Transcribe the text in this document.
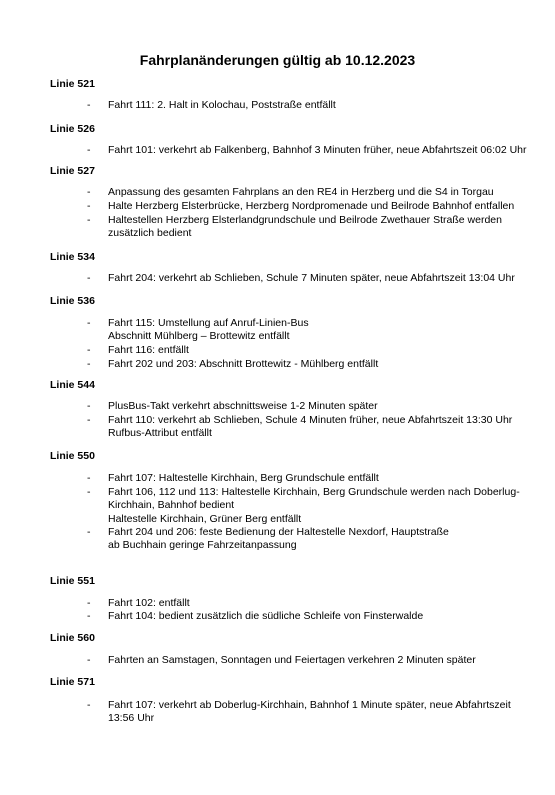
Fahrplanänderungen gültig ab 10.12.2023
Linie 521
- Fahrt 111: 2. Halt in Kolochau, Poststraße entfällt
Linie 526
- Fahrt 101: verkehrt ab Falkenberg, Bahnhof 3 Minuten früher, neue Abfahrtszeit 06:02 Uhr
Linie 527
- Anpassung des gesamten Fahrplans an den RE4 in Herzberg und die S4 in Torgau
- Halte Herzberg Elsterbrücke, Herzberg Nordpromenade und Beilrode Bahnhof entfallen
- Haltestellen Herzberg Elsterlandgrundschule und Beilrode Zwethauer Straße werden
zusätzlich bedient
Linie 534
- Fahrt 204: verkehrt ab Schlieben, Schule 7 Minuten später, neue Abfahrtszeit 13:04 Uhr
Linie 536
- Fahrt 115: Umstellung auf Anruf-Linien-Bus
Abschnitt Mühlberg – Brottewitz entfällt
- Fahrt 116: entfällt
- Fahrt 202 und 203: Abschnitt Brottewitz - Mühlberg entfällt
Linie 544
- PlusBus-Takt verkehrt abschnittsweise 1-2 Minuten später
- Fahrt 110: verkehrt ab Schlieben, Schule 4 Minuten früher, neue Abfahrtszeit 13:30 Uhr
Rufbus-Attribut entfällt
Linie 550
- Fahrt 107: Haltestelle Kirchhain, Berg Grundschule entfällt
- Fahrt 106, 112 und 113: Haltestelle Kirchhain, Berg Grundschule werden nach Doberlug-
Kirchhain, Bahnhof bedient
Haltestelle Kirchhain, Grüner Berg entfällt
- Fahrt 204 und 206: feste Bedienung der Haltestelle Nexdorf, Hauptstraße
ab Buchhain geringe Fahrzeitanpassung
Linie 551
- Fahrt 102: entfällt
- Fahrt 104: bedient zusätzlich die südliche Schleife von Finsterwalde
Linie 560
- Fahrten an Samstagen, Sonntagen und Feiertagen verkehren 2 Minuten später
Linie 571
- Fahrt 107: verkehrt ab Doberlug-Kirchhain, Bahnhof 1 Minute später, neue Abfahrtszeit
13:56 Uhr
